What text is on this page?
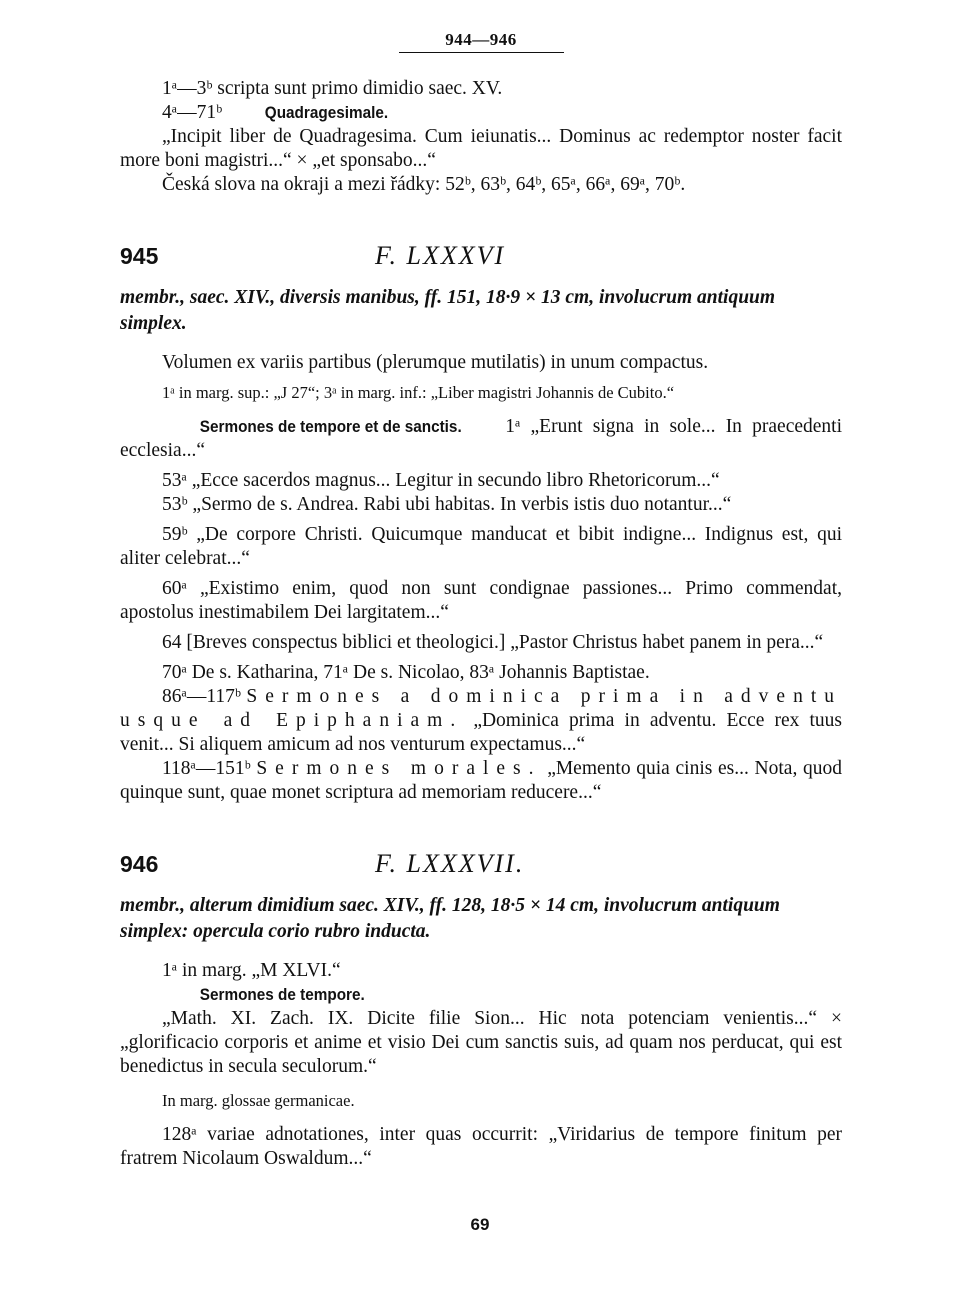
944—946

1ᵃ—3ᵇ scripta sunt primo dimidio saec. XV.

4ᵃ—71ᵇ	Quadragesimale.

„Incipit liber de Quadragesima. Cum ieiunatis... Dominus ac redemptor noster facit more boni magistri...“ × „et sponsabo...“

Česká slova na okraji a mezi řádky: 52ᵇ, 63ᵇ, 64ᵇ, 65ᵃ, 66ᵃ, 69ᵃ, 70ᵇ.

945	F. LXXXVI

membr., saec. XIV., diversis manibus, ff. 151, 18·9 × 13 cm, involucrum antiquum simplex.

Volumen ex variis partibus (plerumque mutilatis) in unum compactus.

1ᵃ in marg. sup.: „J 27“; 3ᵃ in marg. inf.: „Liber magistri Johannis de Cubito.“

Sermones de tempore et de sanctis. 1ᵃ „Erunt signa in sole... In praecedenti ecclesia...“

53ᵃ „Ecce sacerdos magnus... Legitur in secundo libro Rhetoricorum...“

53ᵇ „Sermo de s. Andrea. Rabi ubi habitas. In verbis istis duo notantur...“

59ᵇ „De corpore Christi. Quicumque manducat et bibit indigne... Indignus est, qui aliter celebrat...“

60ᵃ „Existimo enim, quod non sunt condignae passiones... Primo commendat, apostolus inestimabilem Dei largitatem...“

64 [Breves conspectus biblici et theologici.] „Pastor Christus habet panem in pera...“

70ᵃ De s. Katharina, 71ᵃ De s. Nicolao, 83ᵃ Johannis Baptistae.

86ᵃ—117ᵇ Sermones a dominica prima in adventu usque ad Epiphaniam. „Dominica prima in adventu. Ecce rex tuus venit... Si aliquem amicum ad nos venturum expectamus...“

118ᵃ—151ᵇ Sermones morales. „Memento quia cinis es... Nota, quod quinque sunt, quae monet scriptura ad memoriam reducere...“

946	F. LXXXVII.

membr., alterum dimidium saec. XIV., ff. 128, 18·5 × 14 cm, involucrum antiquum simplex: opercula corio rubro inducta.

1ᵃ in marg. „M XLVI.“

Sermones de tempore.

„Math. XI. Zach. IX. Dicite filie Sion... Hic nota potenciam venientis...“ × „glorificacio corporis et anime et visio Dei cum sanctis suis, ad quam nos perducat, qui est benedictus in secula seculorum.“

In marg. glossae germanicae.

128ᵃ variae adnotationes, inter quas occurrit: „Viridarius de tempore finitum per fratrem Nicolaum Oswaldum...“

69
